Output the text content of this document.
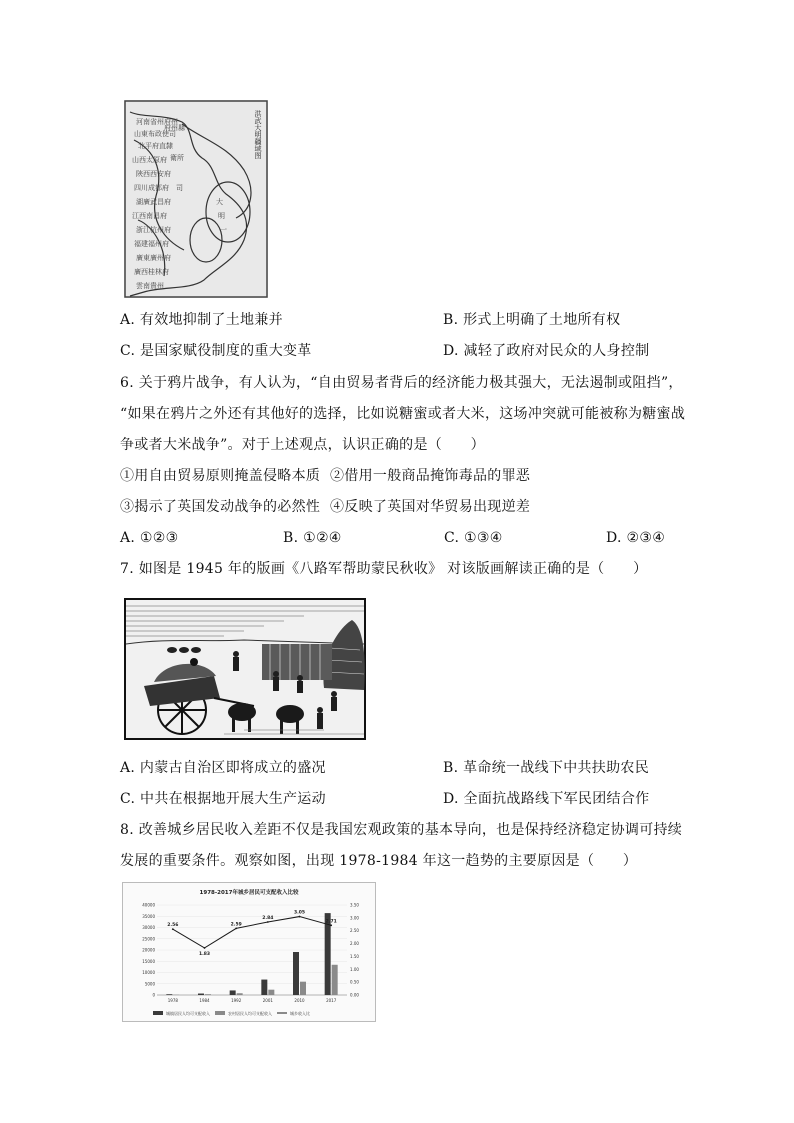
河南省州府州
山東布政使司
北平府直隸
山西太原府
陜西西安府
四川成都府
湖廣武昌府
江西南昌府
浙江杭州府
福建福州府
廣東廣州府
廣西桂林府
雲南貴州
府州縣
衛所
司
大
明
一
洪武大明疆域图
A. 有效地抑制了土地兼并	B. 形式上明确了土地所有权
C. 是国家赋役制度的重大变革	D. 减轻了政府对民众的人身控制
6. 关于鸦片战争，有人认为，“自由贸易者背后的经济能力极其强大，无法遏制或阻挡”，
“如果在鸦片之外还有其他好的选择，比如说糖蜜或者大米，这场冲突就可能被称为糖蜜战
争或者大米战争”。对于上述观点，认识正确的是（　　）
①用自由贸易原则掩盖侵略本质 ②借用一般商品掩饰毒品的罪恶
③揭示了英国发动战争的必然性 ④反映了英国对华贸易出现逆差
A. ①②③	B. ①②④	C. ①③④	D. ②③④
7. 如图是 1945 年的版画《八路军帮助蒙民秋收》 对该版画解读正确的是（　　）
A. 内蒙古自治区即将成立的盛况	B. 革命统一战线下中共扶助农民
C. 中共在根据地开展大生产运动	D. 全面抗战路线下军民团结合作
8. 改善城乡居民收入差距不仅是我国宏观政策的基本导向，也是保持经济稳定协调可持续
发展的重要条件。观察如图，出现 1978-1984 年这一趋势的主要原因是（　　）
1978-2017年城乡居民可支配收入比较
40000
35000
30000
25000
20000
15000
10000
5000
0
3.50
3.00
2.50
2.00
1.50
1.00
0.50
0.00
2.56
1.83
2.59
2.84
3.05
2.71
1978	1984	1992	2001	2010	2017
城镇居民人均可支配收入	农村居民人均可支配收入	城乡收入比
